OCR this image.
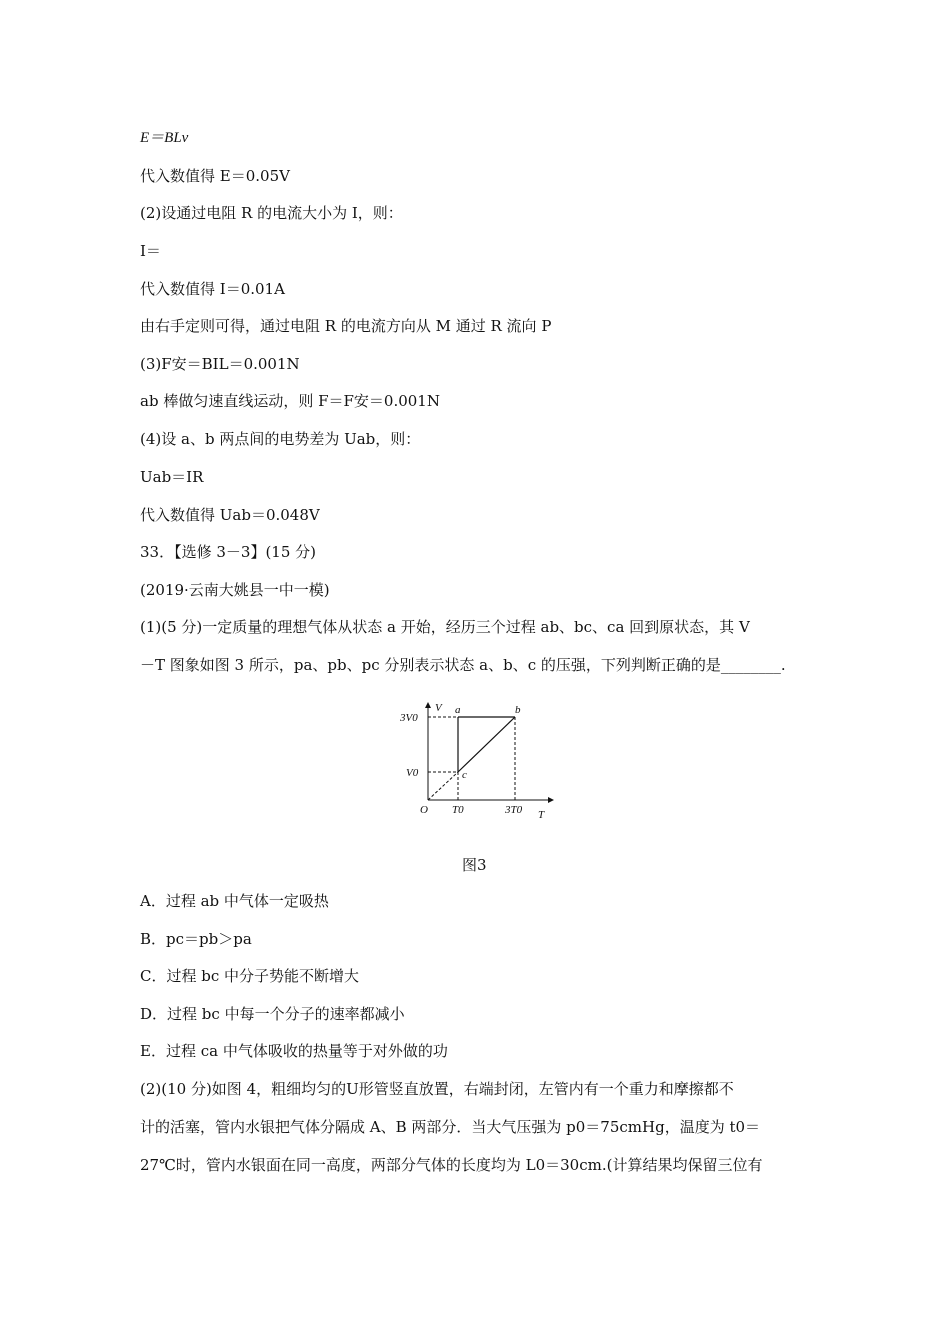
E＝BLv
代入数值得 E＝0.05V
(2)设通过电阻 R 的电流大小为 I，则：
I＝
代入数值得 I＝0.01A
由右手定则可得，通过电阻 R 的电流方向从 M 通过 R 流向 P
(3)F安＝BIL＝0.001N
ab 棒做匀速直线运动，则 F＝F安＝0.001N
(4)设 a、b 两点间的电势差为 Uab，则：
Uab＝IR
代入数值得 Uab＝0.048V
33．【选修 3－3】(15 分)
(2019·云南大姚县一中一模)
(1)(5 分)一定质量的理想气体从状态 a 开始，经历三个过程 ab、bc、ca 回到原状态，其 V
－T 图象如图 3 所示，pa、pb、pc 分别表示状态 a、b、c 的压强，下列判断正确的是________.
V
T
O
3V0
V0
T0	3T0
a	b
c
图3
A．过程 ab 中气体一定吸热
B．pc＝pb＞pa
C．过程 bc 中分子势能不断增大
D．过程 bc 中每一个分子的速率都减小
E．过程 ca 中气体吸收的热量等于对外做的功
(2)(10 分)如图 4，粗细均匀的U形管竖直放置，右端封闭，左管内有一个重力和摩擦都不
计的活塞，管内水银把气体分隔成 A、B 两部分．当大气压强为 p0＝75cmHg，温度为 t0＝
27℃时，管内水银面在同一高度，两部分气体的长度均为 L0＝30cm.(计算结果均保留三位有
